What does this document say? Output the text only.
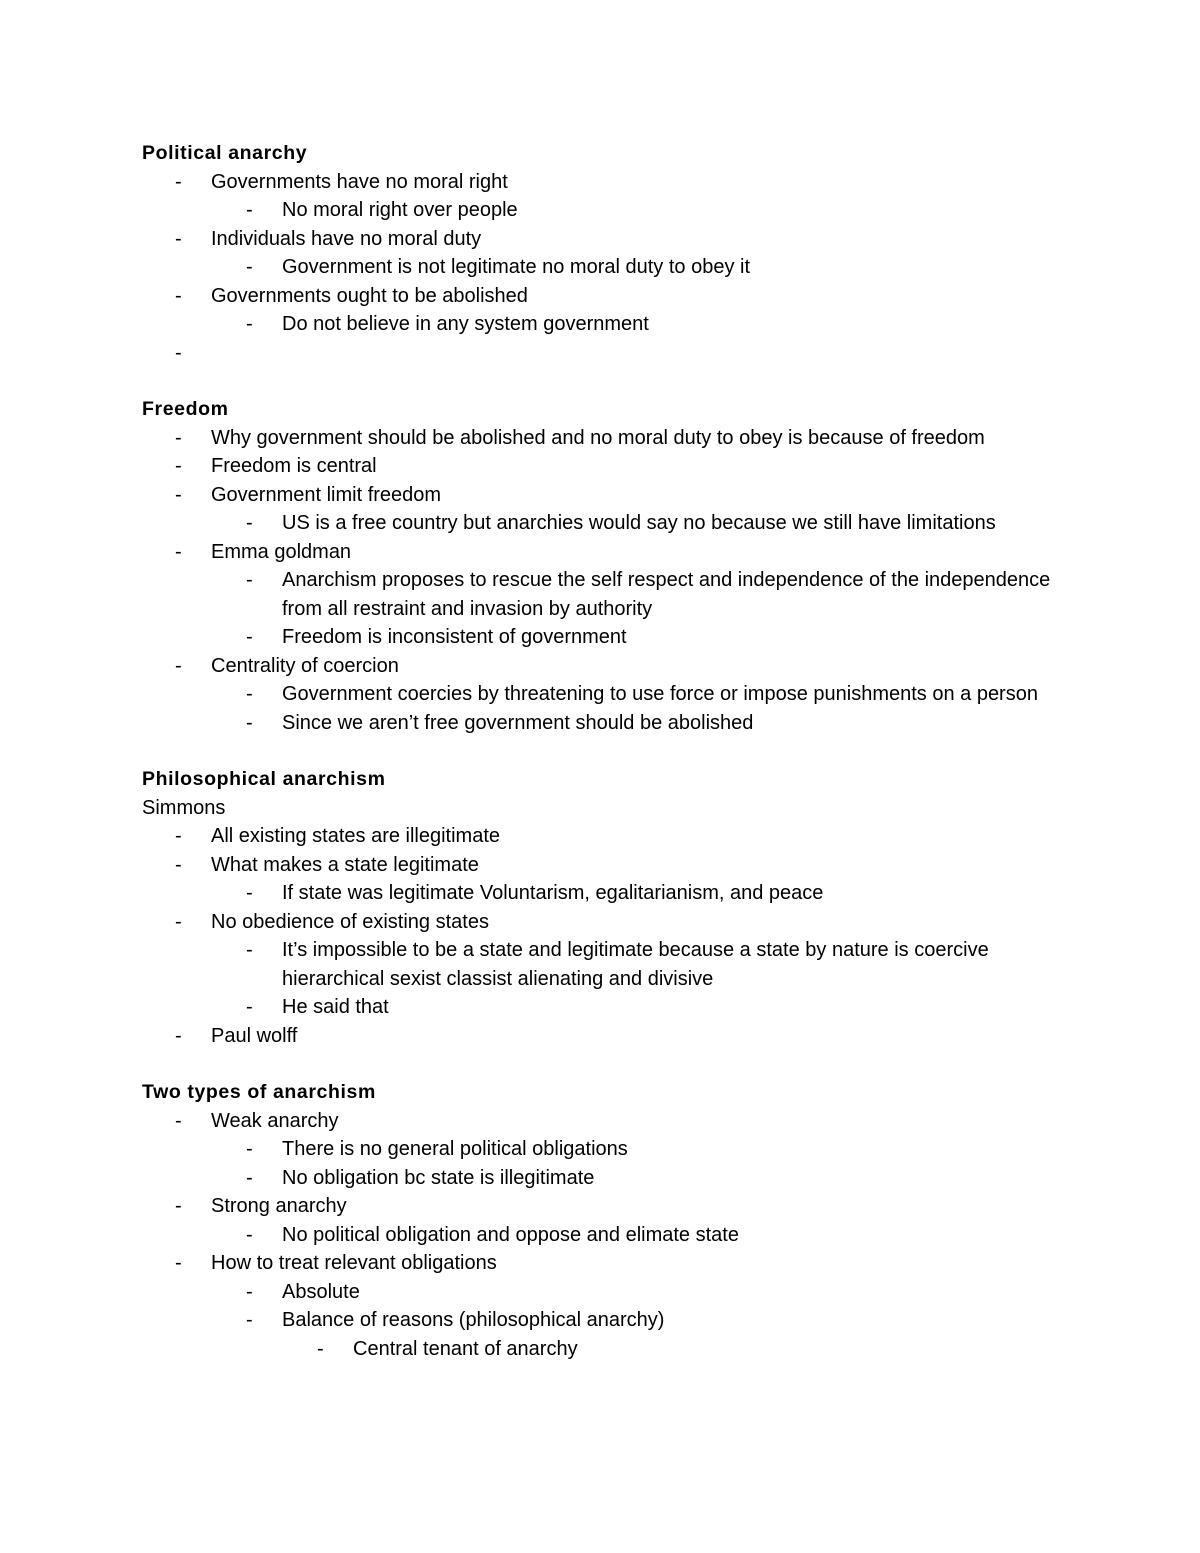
Political anarchy
- Governments have no moral right
- No moral right over people
- Individuals have no moral duty
- Government is not legitimate no moral duty to obey it
- Governments ought to be abolished
- Do not believe in any system government
-
Freedom
- Why government should be abolished and no moral duty to obey is because of freedom
- Freedom is central
- Government limit freedom
- US is a free country but anarchies would say no because we still have limitations
- Emma goldman
- Anarchism proposes to rescue the self respect and independence of the independence from all restraint and invasion by authority
- Freedom is inconsistent of government
- Centrality of coercion
- Government coercies by threatening to use force or impose punishments on a person
- Since we aren’t free government should be abolished
Philosophical anarchism
Simmons
- All existing states are illegitimate
- What makes a state legitimate
- If state was legitimate Voluntarism, egalitarianism, and peace
- No obedience of existing states
- It’s impossible to be a state and legitimate because a state by nature is coercive hierarchical sexist classist alienating and divisive
- He said that
- Paul wolff
Two types of anarchism
- Weak anarchy
- There is no general political obligations
- No obligation bc state is illegitimate
- Strong anarchy
- No political obligation and oppose and elimate state
- How to treat relevant obligations
- Absolute
- Balance of reasons (philosophical anarchy)
- Central tenant of anarchy
